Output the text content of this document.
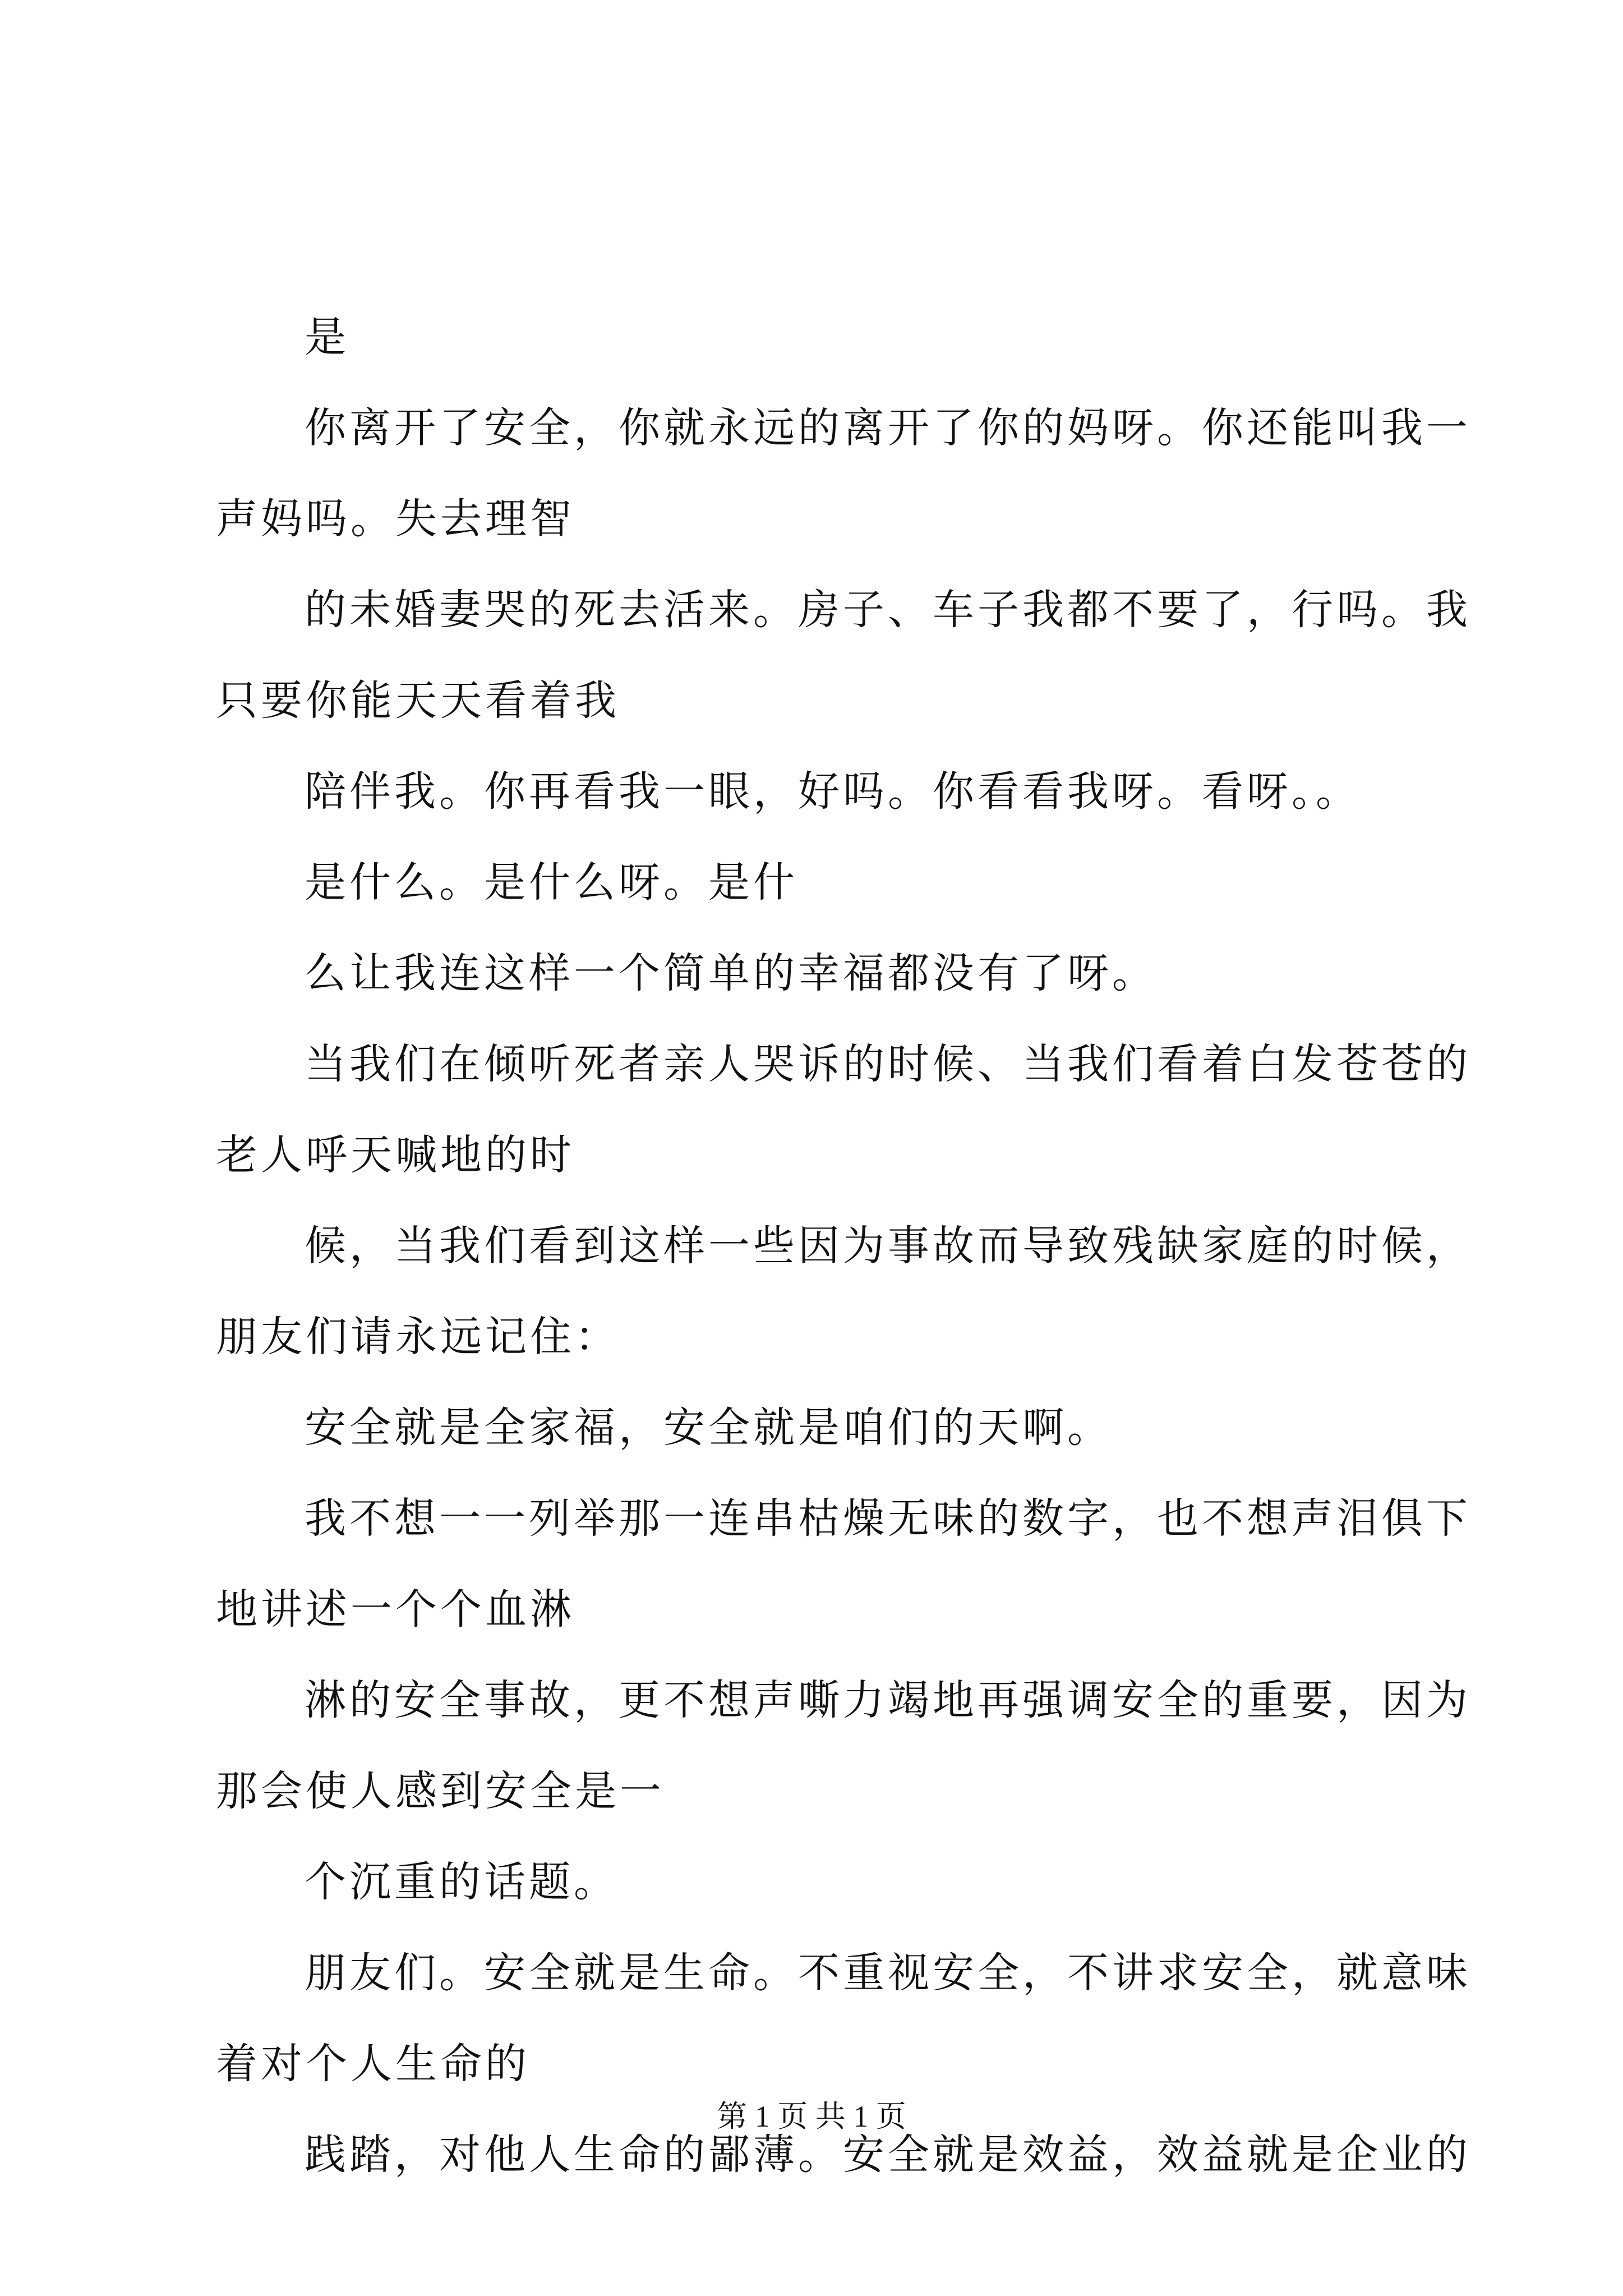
是

你离开了安全，你就永远的离开了你的妈呀。你还能叫我一

声妈吗。失去理智

的未婚妻哭的死去活来。房子、车子我都不要了，行吗。我

只要你能天天看着我

陪伴我。你再看我一眼，好吗。你看看我呀。看呀。。

是什么。是什么呀。是什

么让我连这样一个简单的幸福都没有了呀。

当我们在倾听死者亲人哭诉的时候、当我们看着白发苍苍的

老人呼天喊地的时

候，当我们看到这样一些因为事故而导致残缺家庭的时候，

朋友们请永远记住：

安全就是全家福，安全就是咱们的天啊。

我不想一一列举那一连串枯燥无味的数字，也不想声泪俱下

地讲述一个个血淋

淋的安全事故，更不想声嘶力竭地再强调安全的重要，因为

那会使人感到安全是一

个沉重的话题。

朋友们。安全就是生命。不重视安全，不讲求安全，就意味

着对个人生命的

践踏，对他人生命的鄙薄。安全就是效益，效益就是企业的

第 1 页 共 1 页
